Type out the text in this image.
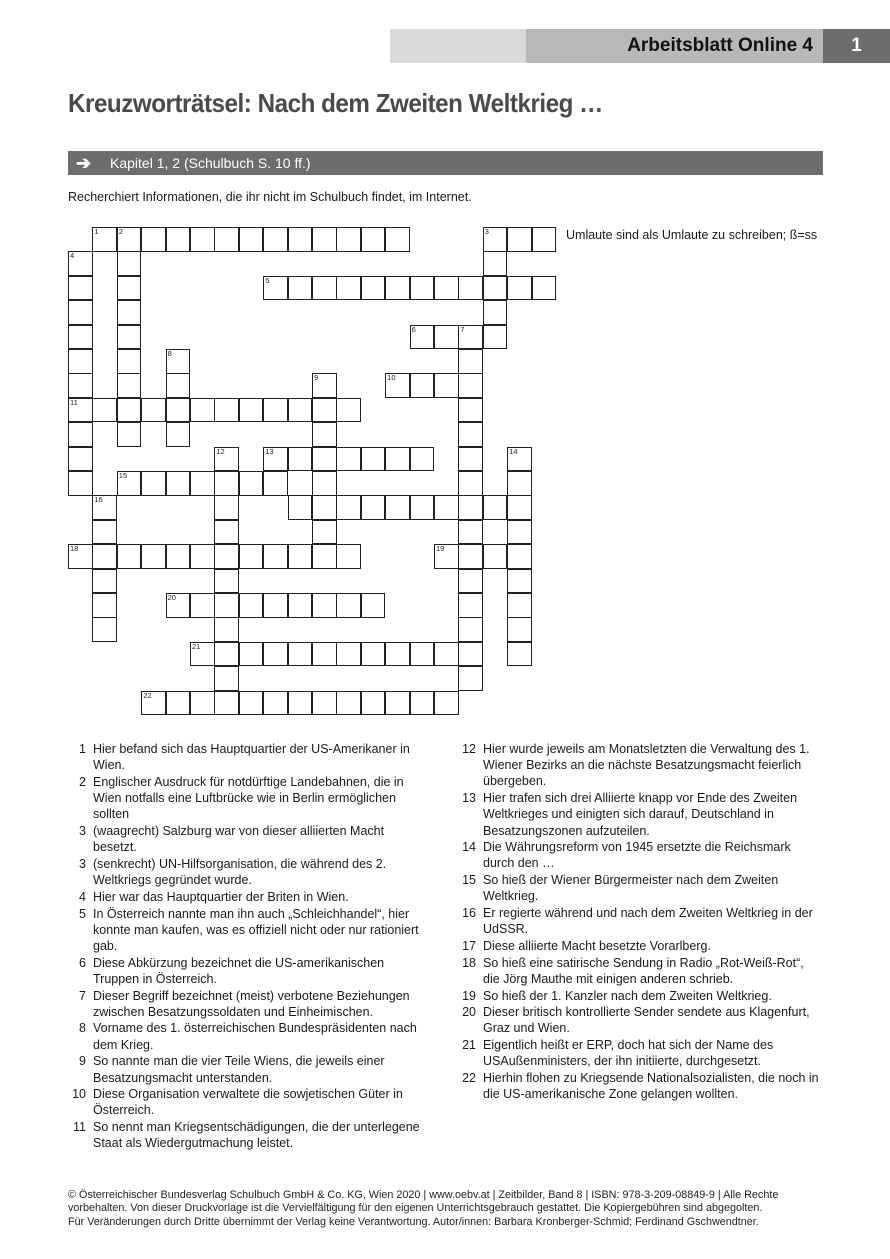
Arbeitsblatt Online 4	1
Kreuzworträtsel: Nach dem Zweiten Weltkrieg …
➔ Kapitel 1, 2 (Schulbuch S. 10 ff.)
Recherchiert Informationen, die ihr nicht im Schulbuch findet, im Internet.
Umlaute sind als Umlaute zu schreiben; ß=ss
1	2	3
4
11
5
6	7
8
9	10
12	13	14
15
16
18	19
20
21
22
1 Hier befand sich das Hauptquartier der US-Amerikaner in Wien.
2 Englischer Ausdruck für notdürftige Landebahnen, die in Wien notfalls eine Luftbrücke wie in Berlin ermöglichen sollten
3 (waagrecht) Salzburg war von dieser alliierten Macht besetzt.
3 (senkrecht) UN-Hilfsorganisation, die während des 2. Weltkriegs gegründet wurde.
4 Hier war das Hauptquartier der Briten in Wien.
5 In Österreich nannte man ihn auch „Schleichhandel“, hier konnte man kaufen, was es offiziell nicht oder nur rationiert gab.
6 Diese Abkürzung bezeichnet die US-amerikanischen Truppen in Österreich.
7 Dieser Begriff bezeichnet (meist) verbotene Beziehungen zwischen Besatzungssoldaten und Einheimischen.
8 Vorname des 1. österreichischen Bundespräsidenten nach dem Krieg.
9 So nannte man die vier Teile Wiens, die jeweils einer Besatzungsmacht unterstanden.
10 Diese Organisation verwaltete die sowjetischen Güter in Österreich.
11 So nennt man Kriegsentschädigungen, die der unterlegene Staat als Wiedergutmachung leistet.
12 Hier wurde jeweils am Monatsletzten die Verwaltung des 1. Wiener Bezirks an die nächste Besatzungsmacht feierlich übergeben.
13 Hier trafen sich drei Alliierte knapp vor Ende des Zweiten Weltkrieges und einigten sich darauf, Deutschland in Besatzungszonen aufzuteilen.
14 Die Währungsreform von 1945 ersetzte die Reichsmark durch den …
15 So hieß der Wiener Bürgermeister nach dem Zweiten Weltkrieg.
16 Er regierte während und nach dem Zweiten Weltkrieg in der UdSSR.
17 Diese alliierte Macht besetzte Vorarlberg.
18 So hieß eine satirische Sendung in Radio „Rot-Weiß-Rot“, die Jörg Mauthe mit einigen anderen schrieb.
19 So hieß der 1. Kanzler nach dem Zweiten Weltkrieg.
20 Dieser britisch kontrollierte Sender sendete aus Klagenfurt, Graz und Wien.
21 Eigentlich heißt er ERP, doch hat sich der Name des USAußenministers, der ihn initiierte, durchgesetzt.
22 Hierhin flohen zu Kriegsende Nationalsozialisten, die noch in die US-amerikanische Zone gelangen wollten.
© Österreichischer Bundesverlag Schulbuch GmbH & Co. KG, Wien 2020 | www.oebv.at | Zeitbilder, Band 8 | ISBN: 978-3-209-08849-9 | Alle Rechte
vorbehalten. Von dieser Druckvorlage ist die Vervielfältigung für den eigenen Unterrichtsgebrauch gestattet. Die Kopiergebühren sind abgegolten.
Für Veränderungen durch Dritte übernimmt der Verlag keine Verantwortung. Autor/innen: Barbara Kronberger-Schmid; Ferdinand Gschwendtner.
